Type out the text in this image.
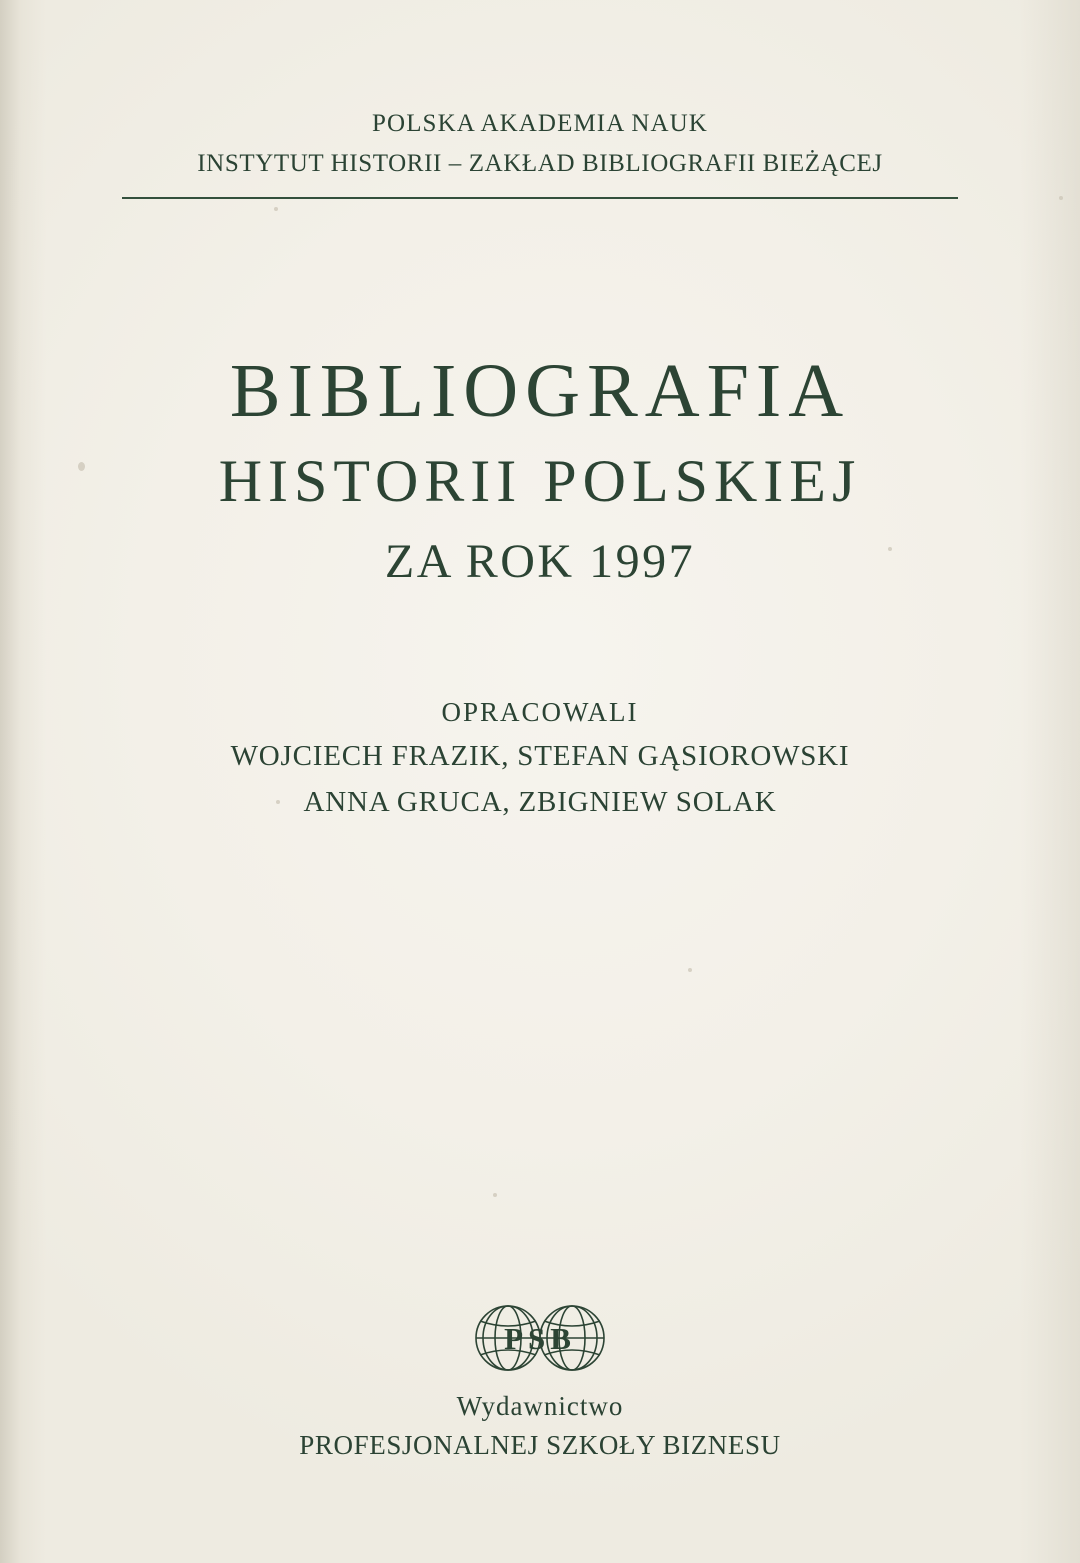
POLSKA AKADEMIA NAUK
INSTYTUT HISTORII – ZAKŁAD BIBLIOGRAFII BIEŻĄCEJ
BIBLIOGRAFIA
HISTORII POLSKIEJ
ZA ROK 1997
OPRACOWALI
WOJCIECH FRAZIK, STEFAN GĄSIOROWSKI
ANNA GRUCA, ZBIGNIEW SOLAK
PSB
Wydawnictwo
PROFESJONALNEJ SZKOŁY BIZNESU
